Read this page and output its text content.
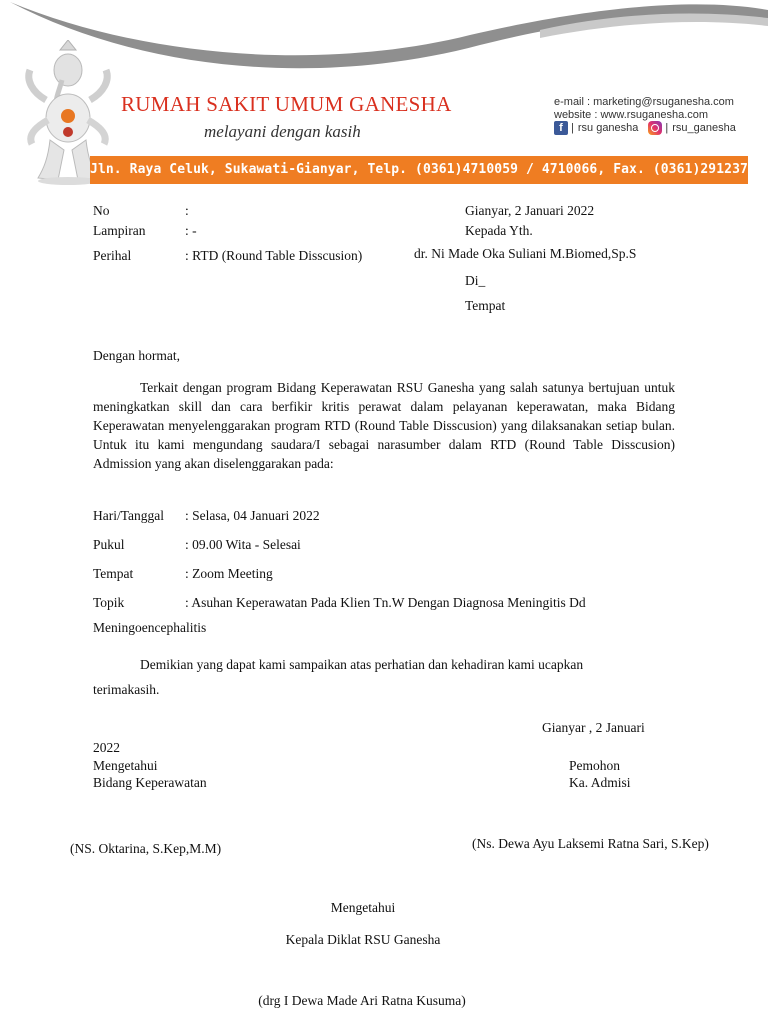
RUMAH SAKIT UMUM GANESHA
melayani dengan kasih
e-mail : marketing@rsuganesha.com
website : www.rsuganesha.com
f | rsu ganesha | rsu_ganesha
Jln. Raya Celuk, Sukawati-Gianyar, Telp. (0361)4710059 / 4710066, Fax. (0361)291237
No	:
Lampiran	: -
Perihal	: RTD (Round Table Disscusion)
Gianyar, 2 Januari 2022
Kepada Yth.
dr. Ni Made Oka Suliani M.Biomed,Sp.S
Di_
Tempat
Dengan hormat,
Terkait dengan program Bidang Keperawatan RSU Ganesha yang salah satunya bertujuan untuk meningkatkan skill dan cara berfikir kritis perawat dalam pelayanan keperawatan, maka Bidang Keperawatan menyelenggarakan program RTD (Round Table Disscusion) yang dilaksanakan setiap bulan. Untuk itu kami mengundang saudara/I sebagai narasumber dalam RTD (Round Table Disscusion) Admission yang akan diselenggarakan pada:
Hari/Tanggal : Selasa, 04 Januari 2022
Pukul	: 09.00 Wita - Selesai
Tempat	: Zoom Meeting
Topik	: Asuhan Keperawatan Pada Klien Tn.W Dengan Diagnosa Meningitis Dd
Meningoencephalitis
Demikian yang dapat kami sampaikan atas perhatian dan kehadiran kami ucapkan
terimakasih.
Gianyar , 2 Januari
2022
Mengetahui
Bidang Keperawatan
Pemohon
Ka. Admisi
(NS. Oktarina, S.Kep,M.M)	(Ns. Dewa Ayu Laksemi Ratna Sari, S.Kep)
Mengetahui
Kepala Diklat RSU Ganesha
(drg I Dewa Made Ari Ratna Kusuma)
